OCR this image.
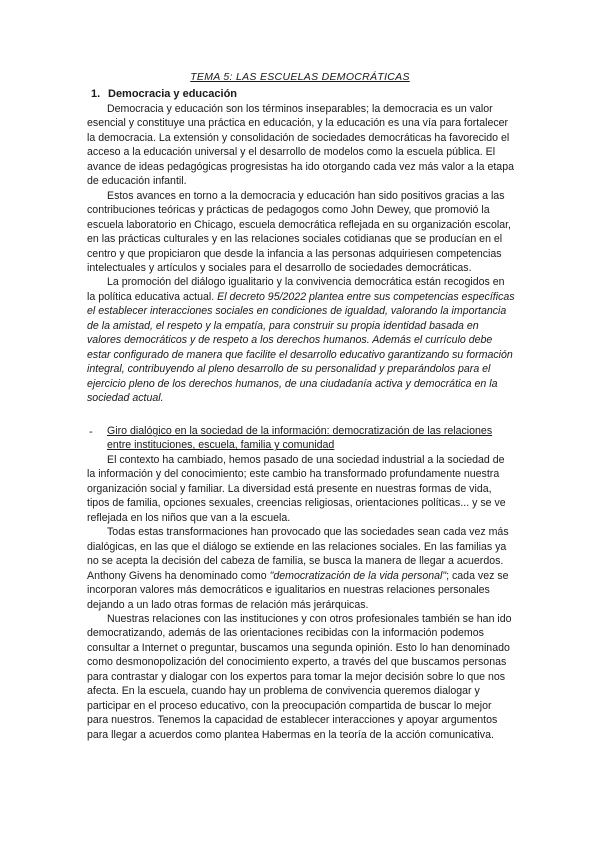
TEMA 5: LAS ESCUELAS DEMOCRÁTICAS
1. Democracia y educación

Democracia y educación son los términos inseparables; la democracia es un valor esencial y constituye una práctica en educación, y la educación es una vía para fortalecer la democracia. La extensión y consolidación de sociedades democráticas ha favorecido el acceso a la educación universal y el desarrollo de modelos como la escuela pública. El avance de ideas pedagógicas progresistas ha ido otorgando cada vez más valor a la etapa de educación infantil.

Estos avances en torno a la democracia y educación han sido positivos gracias a las contribuciones teóricas y prácticas de pedagogos como John Dewey, que promovió la escuela laboratorio en Chicago, escuela democrática reflejada en su organización escolar, en las prácticas culturales y en las relaciones sociales cotidianas que se producían en el centro y que propiciaron que desde la infancia a las personas adquiriesen competencias intelectuales y artículos y sociales para el desarrollo de sociedades democráticas.

La promoción del diálogo igualitario y la convivencia democrática están recogidos en la política educativa actual. El decreto 95/2022 plantea entre sus competencias específicas el establecer interacciones sociales en condiciones de igualdad, valorando la importancia de la amistad, el respeto y la empatía, para construir su propia identidad basada en valores democráticos y de respeto a los derechos humanos. Además el currículo debe estar configurado de manera que facilite el desarrollo educativo garantizando su formación integral, contribuyendo al pleno desarrollo de su personalidad y preparándolos para el ejercicio pleno de los derechos humanos, de una ciudadanía activa y democrática en la sociedad actual.

- Giro dialógico en la sociedad de la información: democratización de las relaciones entre instituciones, escuela, familia y comunidad

El contexto ha cambiado, hemos pasado de una sociedad industrial a la sociedad de la información y del conocimiento; este cambio ha transformado profundamente nuestra organización social y familiar. La diversidad está presente en nuestras formas de vida, tipos de familia, opciones sexuales, creencias religiosas, orientaciones políticas... y se ve reflejada en los niños que van a la escuela.

Todas estas transformaciones han provocado que las sociedades sean cada vez más dialógicas, en las que el diálogo se extiende en las relaciones sociales. En las familias ya no se acepta la decisión del cabeza de familia, se busca la manera de llegar a acuerdos. Anthony Givens ha denominado como "democratización de la vida personal"; cada vez se incorporan valores más democráticos e igualitarios en nuestras relaciones personales dejando a un lado otras formas de relación más jerárquicas.

Nuestras relaciones con las instituciones y con otros profesionales también se han ido democratizando, además de las orientaciones recibidas con la información podemos consultar a Internet o preguntar, buscamos una segunda opinión. Esto lo han denominado como desmonopolización del conocimiento experto, a través del que buscamos personas para contrastar y dialogar con los expertos para tomar la mejor decisión sobre lo que nos afecta. En la escuela, cuando hay un problema de convivencia queremos dialogar y participar en el proceso educativo, con la preocupación compartida de buscar lo mejor para nuestros. Tenemos la capacidad de establecer interacciones y apoyar argumentos para llegar a acuerdos como plantea Habermas en la teoría de la acción comunicativa.
